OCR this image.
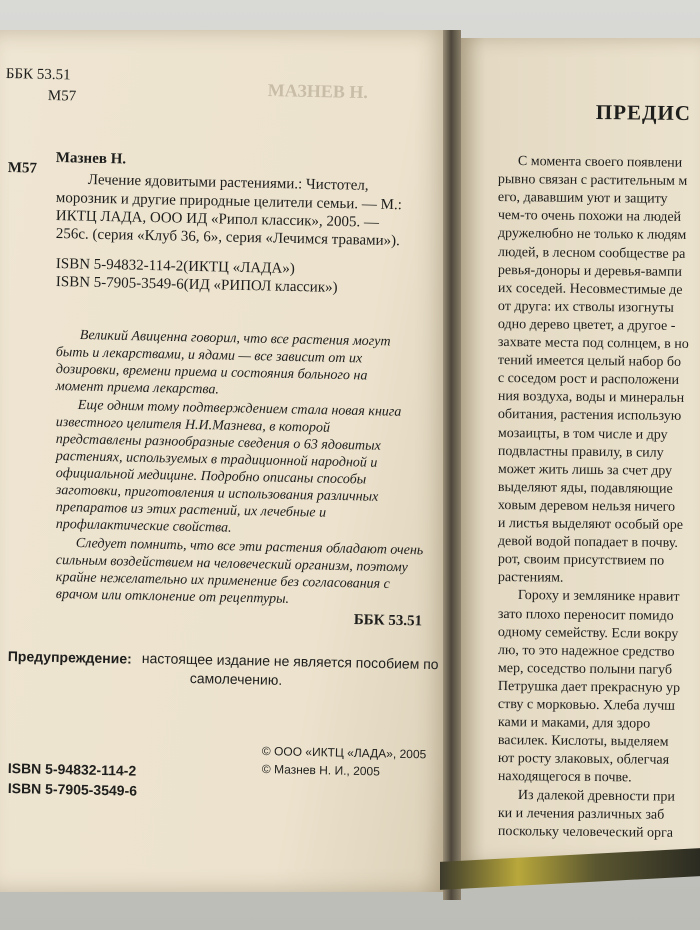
ББК 53.51
М57	МАЗНЕВ Н.
М57
Мазнев Н.
Лечение ядовитыми растениями.: Чистотел,
морозник и другие природные целители семьи. — М.:
ИКТЦ ЛАДА, ООО ИД «Рипол классик», 2005. —
256с. (серия «Клуб 36, 6», серия «Лечимся травами»).
ISBN 5-94832-114-2(ИКТЦ «ЛАДА»)
ISBN 5-7905-3549-6(ИД «РИПОЛ классик»)
Великий Авиценна говорил, что все растения могут
быть и лекарствами, и ядами — все зависит от их
дозировки, времени приема и состояния больного на
момент приема лекарства.
Еще одним тому подтверждением стала новая книга
известного целителя Н.И.Мазнева, в которой
представлены разнообразные сведения о 63 ядовитых
растениях, используемых в традиционной народной и
официальной медицине. Подробно описаны способы
заготовки, приготовления и использования различных
препаратов из этих растений, их лечебные и
профилактические свойства.
Следует помнить, что все эти растения обладают очень
сильным воздействием на человеческий организм, поэтому
крайне нежелательно их применение без согласования с
врачом или отклонение от рецептуры.
ББК 53.51
Предупреждение: настоящее издание не является пособием по
самолечению.
© ООО «ИКТЦ «ЛАДА», 2005
© Мазнев Н. И., 2005
ISBN 5-94832-114-2
ISBN 5-7905-3549-6
ПРЕДИС
С момента своего появлени
рывно связан с растительным м
его, дававшим уют и защиту
чем-то очень похожи на людей
дружелюбно не только к людям
людей, в лесном сообществе ра
ревья-доноры и деревья-вампи
их соседей. Несовместимые де
от друга: их стволы изогнуты
одно дерево цветет, а другое -
захвате места под солнцем, в но
тений имеется целый набор бо
с соседом рост и расположени
ния воздуха, воды и минеральн
обитания, растения использую
мозаицты, в том числе и дру
подвластны правилу, в силу
может жить лишь за счет дру
выделяют яды, подавляющие
ховым деревом нельзя ничего
и листья выделяют особый оре
девой водой попадает в почву.
рот, своим присутствием по
растениям.
Гороху и землянике нравит
зато плохо переносит помидо
одному семейству. Если вокру
лю, то это надежное средство
мер, соседство полыни пагуб
Петрушка дает прекрасную ур
ству с морковью. Хлеба лучш
ками и маками, для здоро
василек. Кислоты, выделяем
ют росту злаковых, облегчая
находящегося в почве.
Из далекой древности при
ки и лечения различных заб
поскольку человеческий орга
